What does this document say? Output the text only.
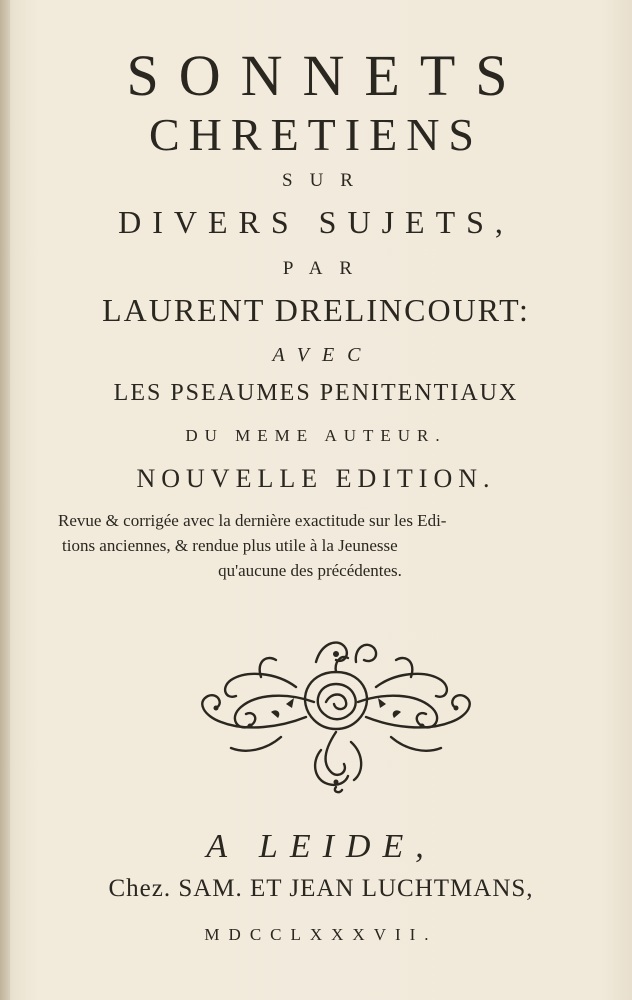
SONNETS
CHRETIENS
SUR
DIVERS SUJETS,
PAR
LAURENT DRELINCOURT:
AVEC
LES PSEAUMES PENITENTIAUX
DU MEME AUTEUR.
NOUVELLE EDITION.
Revue & corrigée avec la dernière exactitude sur les Edi-
tions anciennes, & rendue plus utile à la Jeunesse
qu'aucune des précédentes.
A LEIDE,
Chez. SAM. ET JEAN LUCHTMANS,
MDCCLXXXVII.
